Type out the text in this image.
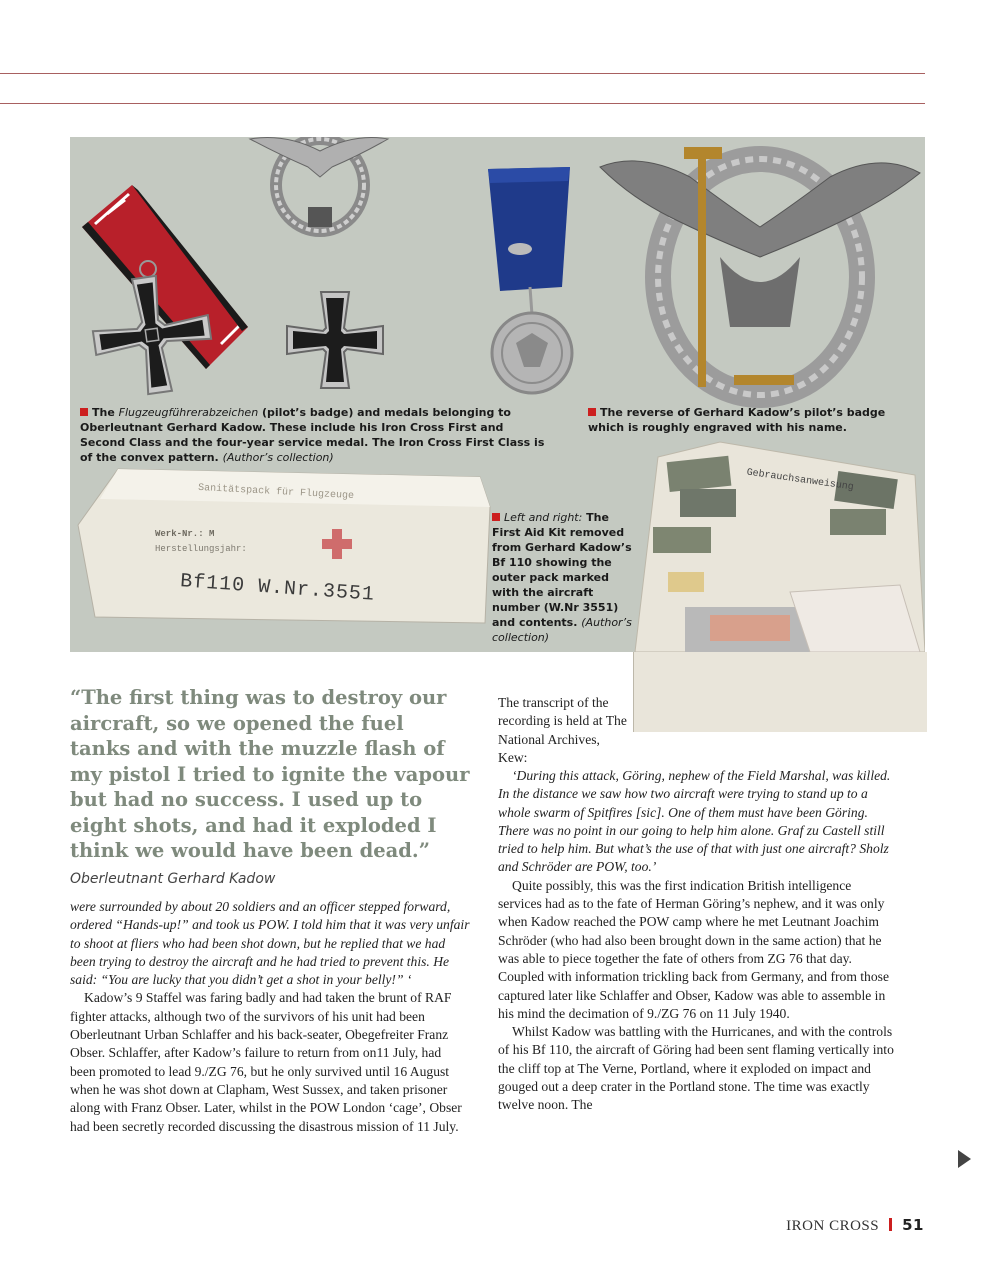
Sanitätspack für Flugzeuge
Werk-Nr.: M
Herstellungsjahr:
Bf110 W.Nr.3551
Gebrauchsanweisung
The Flugzeugführerabzeichen (pilot’s badge) and medals belonging to Oberleutnant Gerhard Kadow. These include his Iron Cross First and Second Class and the four-year service medal. The Iron Cross First Class is of the convex pattern. (Author’s collection)
The reverse of Gerhard Kadow’s pilot’s badge which is roughly engraved with his name.
Left and right: The First Aid Kit removed from Gerhard Kadow’s Bf 110 showing the outer pack marked with the aircraft number (W.Nr 3551) and contents. (Author’s collection)
“The first thing was to destroy our aircraft, so we opened the fuel tanks and with the muzzle flash of my pistol I tried to ignite the vapour but had no success. I used up to eight shots, and had it exploded I think we would have been dead.” Oberleutnant Gerhard Kadow

were surrounded by about 20 soldiers and an officer stepped forward, ordered “Hands-up!” and took us POW. I told him that it was very unfair to shoot at fliers who had been shot down, but he replied that we had been trying to destroy the aircraft and he had tried to prevent this. He said: “You are lucky that you didn’t get a shot in your belly!” ‘

Kadow’s 9 Staffel was faring badly and had taken the brunt of RAF fighter attacks, although two of the survivors of his unit had been Oberleutnant Urban Schlaffer and his back-seater, Obegefreiter Franz Obser. Schlaffer, after Kadow’s failure to return from on11 July, had been promoted to lead 9./ZG 76, but he only survived until 16 August when he was shot down at Clapham, West Sussex, and taken prisoner along with Franz Obser. Later, whilst in the POW London ‘cage’, Obser had been secretly recorded discussing the disastrous mission of 11 July.

The transcript of the recording is held at The National Archives, Kew:

‘During this attack, Göring, nephew of the Field Marshal, was killed. In the distance we saw how two aircraft were trying to stand up to a whole swarm of Spitfires [sic]. One of them must have been Göring. There was no point in our going to help him alone. Graf zu Castell still tried to help him. But what’s the use of that with just one aircraft? Sholz and Schröder are POW, too.’

Quite possibly, this was the first indication British intelligence services had as to the fate of Herman Göring’s nephew, and it was only when Kadow reached the POW camp where he met Leutnant Joachim Schröder (who had also been brought down in the same action) that he was able to piece together the fate of others from ZG 76 that day. Coupled with information trickling back from Germany, and from those captured later like Schlaffer and Obser, Kadow was able to assemble in his mind the decimation of 9./ZG 76 on 11 July 1940.

Whilst Kadow was battling with the Hurricanes, and with the controls of his Bf 110, the aircraft of Göring had been sent flaming vertically into the cliff top at The Verne, Portland, where it exploded on impact and gouged out a deep crater in the Portland stone. The time was exactly twelve noon. The

IRON CROSS 51
